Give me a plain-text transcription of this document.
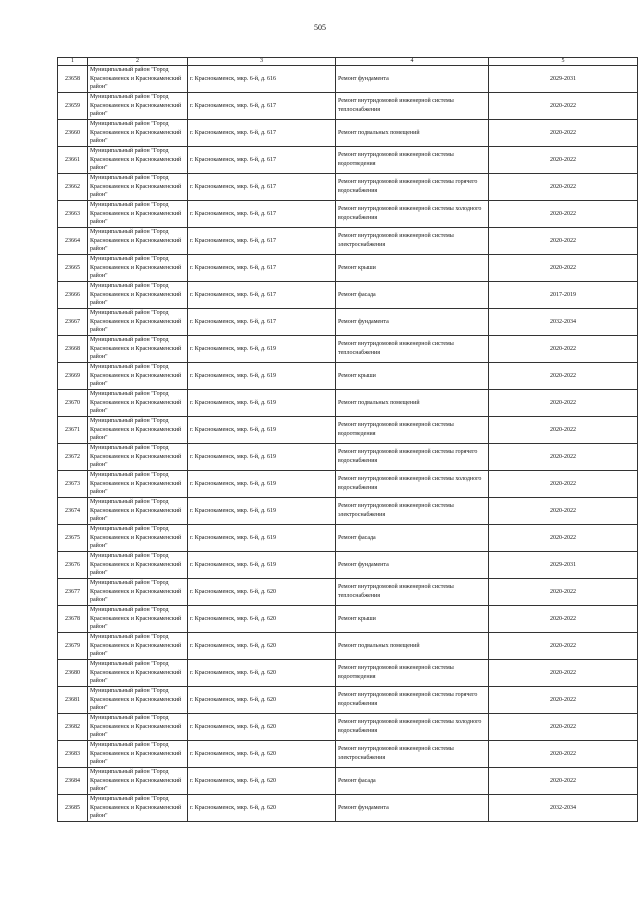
505
1	2	3	4	5
23658	Муниципальный район "Город Краснокаменск и Краснокаменский район"	г. Краснокаменск, мкр. 6-й, д. 616	Ремонт фундамента	2029-2031
23659	Муниципальный район "Город Краснокаменск и Краснокаменский район"	г. Краснокаменск, мкр. 6-й, д. 617	Ремонт внутридомовой инженерной системы теплоснабжения	2020-2022
23660	Муниципальный район "Город Краснокаменск и Краснокаменский район"	г. Краснокаменск, мкр. 6-й, д. 617	Ремонт подвальных помещений	2020-2022
23661	Муниципальный район "Город Краснокаменск и Краснокаменский район"	г. Краснокаменск, мкр. 6-й, д. 617	Ремонт внутридомовой инженерной системы водоотведения	2020-2022
23662	Муниципальный район "Город Краснокаменск и Краснокаменский район"	г. Краснокаменск, мкр. 6-й, д. 617	Ремонт внутридомовой инженерной системы горячего водоснабжения	2020-2022
23663	Муниципальный район "Город Краснокаменск и Краснокаменский район"	г. Краснокаменск, мкр. 6-й, д. 617	Ремонт внутридомовой инженерной системы холодного водоснабжения	2020-2022
23664	Муниципальный район "Город Краснокаменск и Краснокаменский район"	г. Краснокаменск, мкр. 6-й, д. 617	Ремонт внутридомовой инженерной системы электроснабжения	2020-2022
23665	Муниципальный район "Город Краснокаменск и Краснокаменский район"	г. Краснокаменск, мкр. 6-й, д. 617	Ремонт крыши	2020-2022
23666	Муниципальный район "Город Краснокаменск и Краснокаменский район"	г. Краснокаменск, мкр. 6-й, д. 617	Ремонт фасада	2017-2019
23667	Муниципальный район "Город Краснокаменск и Краснокаменский район"	г. Краснокаменск, мкр. 6-й, д. 617	Ремонт фундамента	2032-2034
23668	Муниципальный район "Город Краснокаменск и Краснокаменский район"	г. Краснокаменск, мкр. 6-й, д. 619	Ремонт внутридомовой инженерной системы теплоснабжения	2020-2022
23669	Муниципальный район "Город Краснокаменск и Краснокаменский район"	г. Краснокаменск, мкр. 6-й, д. 619	Ремонт крыши	2020-2022
23670	Муниципальный район "Город Краснокаменск и Краснокаменский район"	г. Краснокаменск, мкр. 6-й, д. 619	Ремонт подвальных помещений	2020-2022
23671	Муниципальный район "Город Краснокаменск и Краснокаменский район"	г. Краснокаменск, мкр. 6-й, д. 619	Ремонт внутридомовой инженерной системы водоотведения	2020-2022
23672	Муниципальный район "Город Краснокаменск и Краснокаменский район"	г. Краснокаменск, мкр. 6-й, д. 619	Ремонт внутридомовой инженерной системы горячего водоснабжения	2020-2022
23673	Муниципальный район "Город Краснокаменск и Краснокаменский район"	г. Краснокаменск, мкр. 6-й, д. 619	Ремонт внутридомовой инженерной системы холодного водоснабжения	2020-2022
23674	Муниципальный район "Город Краснокаменск и Краснокаменский район"	г. Краснокаменск, мкр. 6-й, д. 619	Ремонт внутридомовой инженерной системы электроснабжения	2020-2022
23675	Муниципальный район "Город Краснокаменск и Краснокаменский район"	г. Краснокаменск, мкр. 6-й, д. 619	Ремонт фасада	2020-2022
23676	Муниципальный район "Город Краснокаменск и Краснокаменский район"	г. Краснокаменск, мкр. 6-й, д. 619	Ремонт фундамента	2029-2031
23677	Муниципальный район "Город Краснокаменск и Краснокаменский район"	г. Краснокаменск, мкр. 6-й, д. 620	Ремонт внутридомовой инженерной системы теплоснабжения	2020-2022
23678	Муниципальный район "Город Краснокаменск и Краснокаменский район"	г. Краснокаменск, мкр. 6-й, д. 620	Ремонт крыши	2020-2022
23679	Муниципальный район "Город Краснокаменск и Краснокаменский район"	г. Краснокаменск, мкр. 6-й, д. 620	Ремонт подвальных помещений	2020-2022
23680	Муниципальный район "Город Краснокаменск и Краснокаменский район"	г. Краснокаменск, мкр. 6-й, д. 620	Ремонт внутридомовой инженерной системы водоотведения	2020-2022
23681	Муниципальный район "Город Краснокаменск и Краснокаменский район"	г. Краснокаменск, мкр. 6-й, д. 620	Ремонт внутридомовой инженерной системы горячего водоснабжения	2020-2022
23682	Муниципальный район "Город Краснокаменск и Краснокаменский район"	г. Краснокаменск, мкр. 6-й, д. 620	Ремонт внутридомовой инженерной системы холодного водоснабжения	2020-2022
23683	Муниципальный район "Город Краснокаменск и Краснокаменский район"	г. Краснокаменск, мкр. 6-й, д. 620	Ремонт внутридомовой инженерной системы электроснабжения	2020-2022
23684	Муниципальный район "Город Краснокаменск и Краснокаменский район"	г. Краснокаменск, мкр. 6-й, д. 620	Ремонт фасада	2020-2022
23685	Муниципальный район "Город Краснокаменск и Краснокаменский район"	г. Краснокаменск, мкр. 6-й, д. 620	Ремонт фундамента	2032-2034
